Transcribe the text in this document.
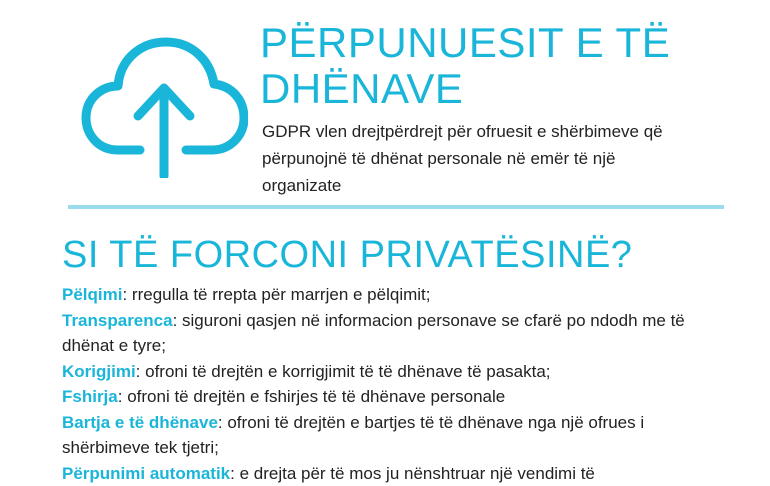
PËRPUNUESIT E TË
DHËNAVE
GDPR vlen drejtpërdrejt për ofruesit e shërbimeve që përpunojnë të dhënat personale në emër të një organizate
SI TË FORCONI PRIVATËSINË?

Pëlqimi: rregulla të rrepta për marrjen e pëlqimit;

Transparenca: siguroni qasjen në informacion personave se cfarë po ndodh me të dhënat e tyre;

Korigjimi: ofroni të drejtën e korrigjimit të të dhënave të pasakta;

Fshirja: ofroni të drejtën e fshirjes të të dhënave personale

Bartja e të dhënave: ofroni të drejtën e bartjes të të dhënave nga një ofrues i shërbimeve tek tjetri;

Përpunimi automatik: e drejta për të mos ju nënshtruar një vendimi të
